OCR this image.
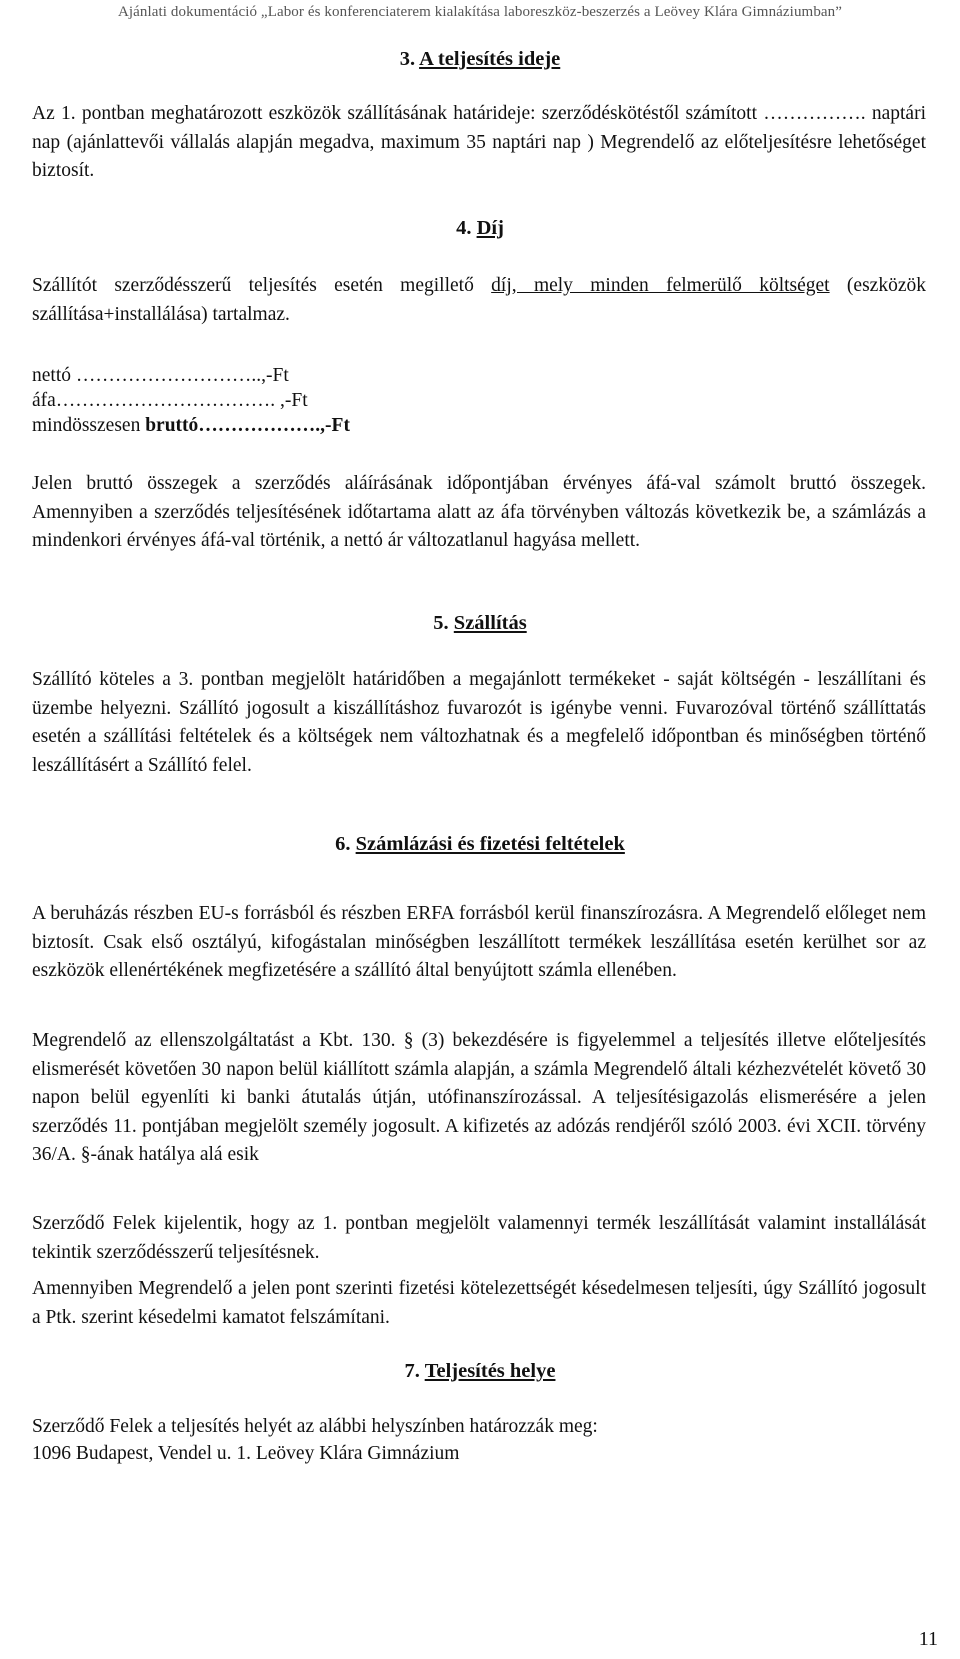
Ajánlati dokumentáció „Labor és konferenciaterem kialakítása laboreszköz-beszerzés a Leövey Klára Gimnáziumban”
3. A teljesítés ideje
Az 1. pontban meghatározott eszközök szállításának határideje: szerződéskötéstől számított ……………. naptári nap (ajánlattevői vállalás alapján megadva, maximum 35 naptári nap ) Megrendelő az előteljesítésre lehetőséget biztosít.
4. Díj
Szállítót szerződésszerű teljesítés esetén megillető díj, mely minden felmerülő költséget (eszközök szállítása+installálása) tartalmaz.
nettó ………………………..,-Ft
áfa……………………………. ,-Ft
mindösszesen bruttó……………….,-Ft
Jelen bruttó összegek a szerződés aláírásának időpontjában érvényes áfá-val számolt bruttó összegek. Amennyiben a szerződés teljesítésének időtartama alatt az áfa törvényben változás következik be, a számlázás a mindenkori érvényes áfá-val történik, a nettó ár változatlanul hagyása mellett.
5. Szállítás
Szállító köteles a 3. pontban megjelölt határidőben a megajánlott termékeket - saját költségén - leszállítani és üzembe helyezni. Szállító jogosult a kiszállításhoz fuvarozót is igénybe venni. Fuvarozóval történő szállíttatás esetén a szállítási feltételek és a költségek nem változhatnak és a megfelelő időpontban és minőségben történő leszállításért a Szállító felel.
6. Számlázási és fizetési feltételek
A beruházás részben EU-s forrásból és részben ERFA forrásból kerül finanszírozásra. A Megrendelő előleget nem biztosít. Csak első osztályú, kifogástalan minőségben leszállított termékek leszállítása esetén kerülhet sor az eszközök ellenértékének megfizetésére a szállító által benyújtott számla ellenében.
Megrendelő az ellenszolgáltatást a Kbt. 130. § (3) bekezdésére is figyelemmel a teljesítés illetve előteljesítés elismerését követően 30 napon belül kiállított számla alapján, a számla Megrendelő általi kézhezvételét követő 30 napon belül egyenlíti ki banki átutalás útján, utófinanszírozással. A teljesítésigazolás elismerésére a jelen szerződés 11. pontjában megjelölt személy jogosult. A kifizetés az adózás rendjéről szóló 2003. évi XCII. törvény 36/A. §-ának hatálya alá esik
Szerződő Felek kijelentik, hogy az 1. pontban megjelölt valamennyi termék leszállítását valamint installálását tekintik szerződésszerű teljesítésnek.
Amennyiben Megrendelő a jelen pont szerinti fizetési kötelezettségét késedelmesen teljesíti, úgy Szállító jogosult a Ptk. szerint késedelmi kamatot felszámítani.
7. Teljesítés helye
Szerződő Felek a teljesítés helyét az alábbi helyszínben határozzák meg:
1096 Budapest, Vendel u. 1. Leövey Klára Gimnázium
11
